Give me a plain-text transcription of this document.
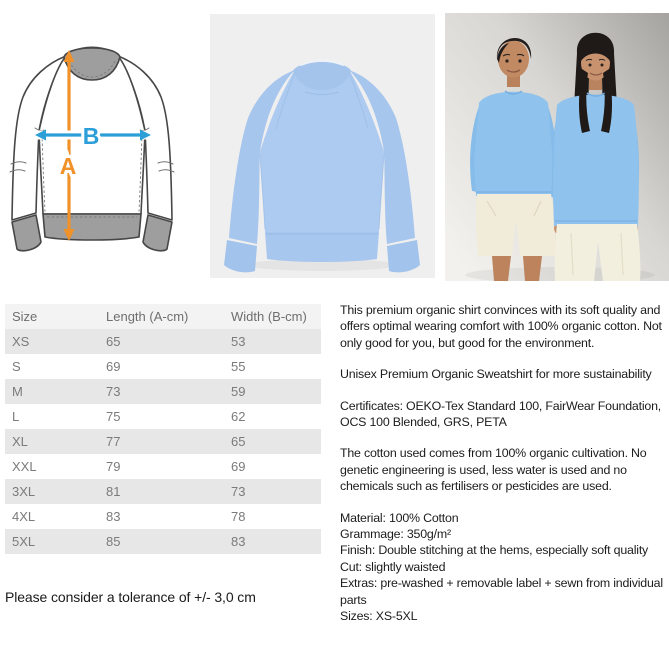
A
B
Size	Length (A-cm)	Width (B-cm)
XS	65	53
S	69	55
M	73	59
L	75	62
XL	77	65
XXL	79	69
3XL	81	73
4XL	83	78
5XL	85	83
Please consider a tolerance of +/- 3,0 cm

This premium organic shirt convinces with its soft quality and offers optimal wearing comfort with 100% organic cotton. Not only good for you, but good for the environment.

Unisex Premium Organic Sweatshirt for more sustainability

Certificates: OEKO-Tex Standard 100, FairWear Foundation, OCS 100 Blended, GRS, PETA

The cotton used comes from 100% organic cultivation. No genetic engineering is used, less water is used and no chemicals such as fertilisers or pesticides are used.

Material: 100% Cotton
Grammage: 350g/m²
Finish: Double stitching at the hems, especially soft quality
Cut: slightly waisted
Extras: pre-washed + removable label + sewn from individual parts
Sizes: XS-5XL
